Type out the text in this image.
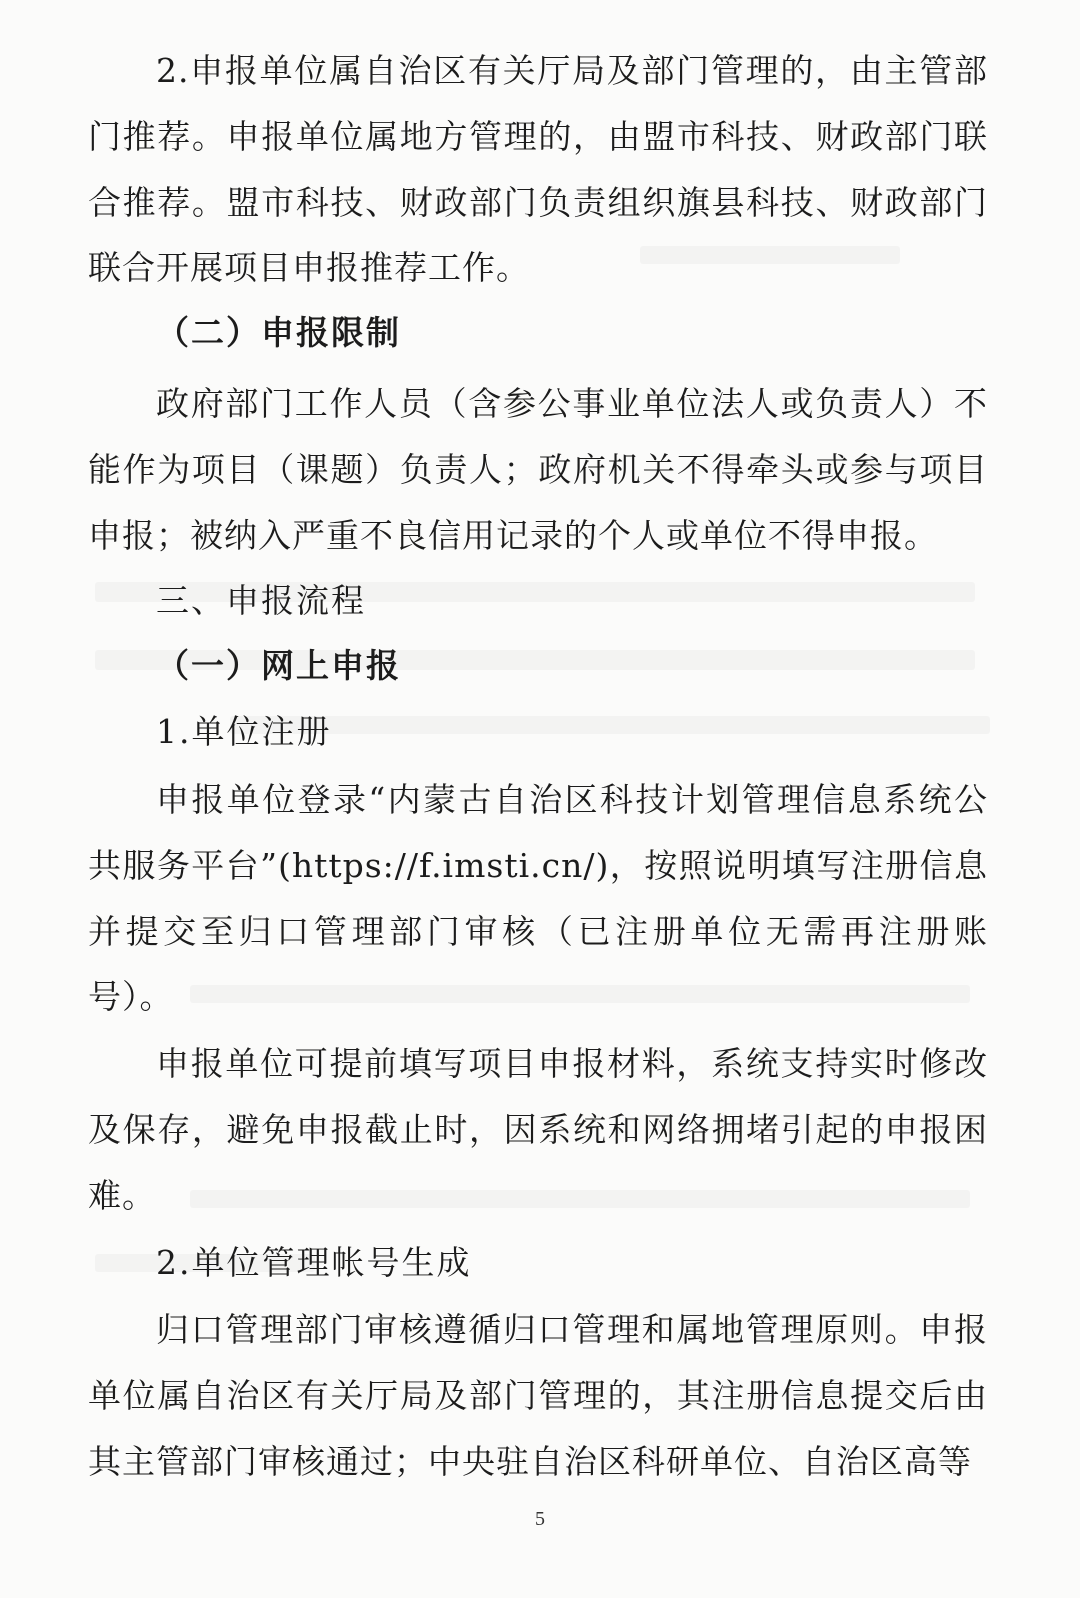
2.申报单位属自治区有关厅局及部门管理的，由主管部门推荐。申报单位属地方管理的，由盟市科技、财政部门联合推荐。盟市科技、财政部门负责组织旗县科技、财政部门联合开展项目申报推荐工作。

（二）申报限制

政府部门工作人员（含参公事业单位法人或负责人）不能作为项目（课题）负责人；政府机关不得牵头或参与项目申报；被纳入严重不良信用记录的个人或单位不得申报。

三、申报流程

（一）网上申报

1.单位注册

申报单位登录“内蒙古自治区科技计划管理信息系统公共服务平台”(https://f.imsti.cn/)，按照说明填写注册信息并提交至归口管理部门审核（已注册单位无需再注册账号）。

申报单位可提前填写项目申报材料，系统支持实时修改及保存，避免申报截止时，因系统和网络拥堵引起的申报困难。

2.单位管理帐号生成

归口管理部门审核遵循归口管理和属地管理原则。申报单位属自治区有关厅局及部门管理的，其注册信息提交后由其主管部门审核通过；中央驻自治区科研单位、自治区高等

5
